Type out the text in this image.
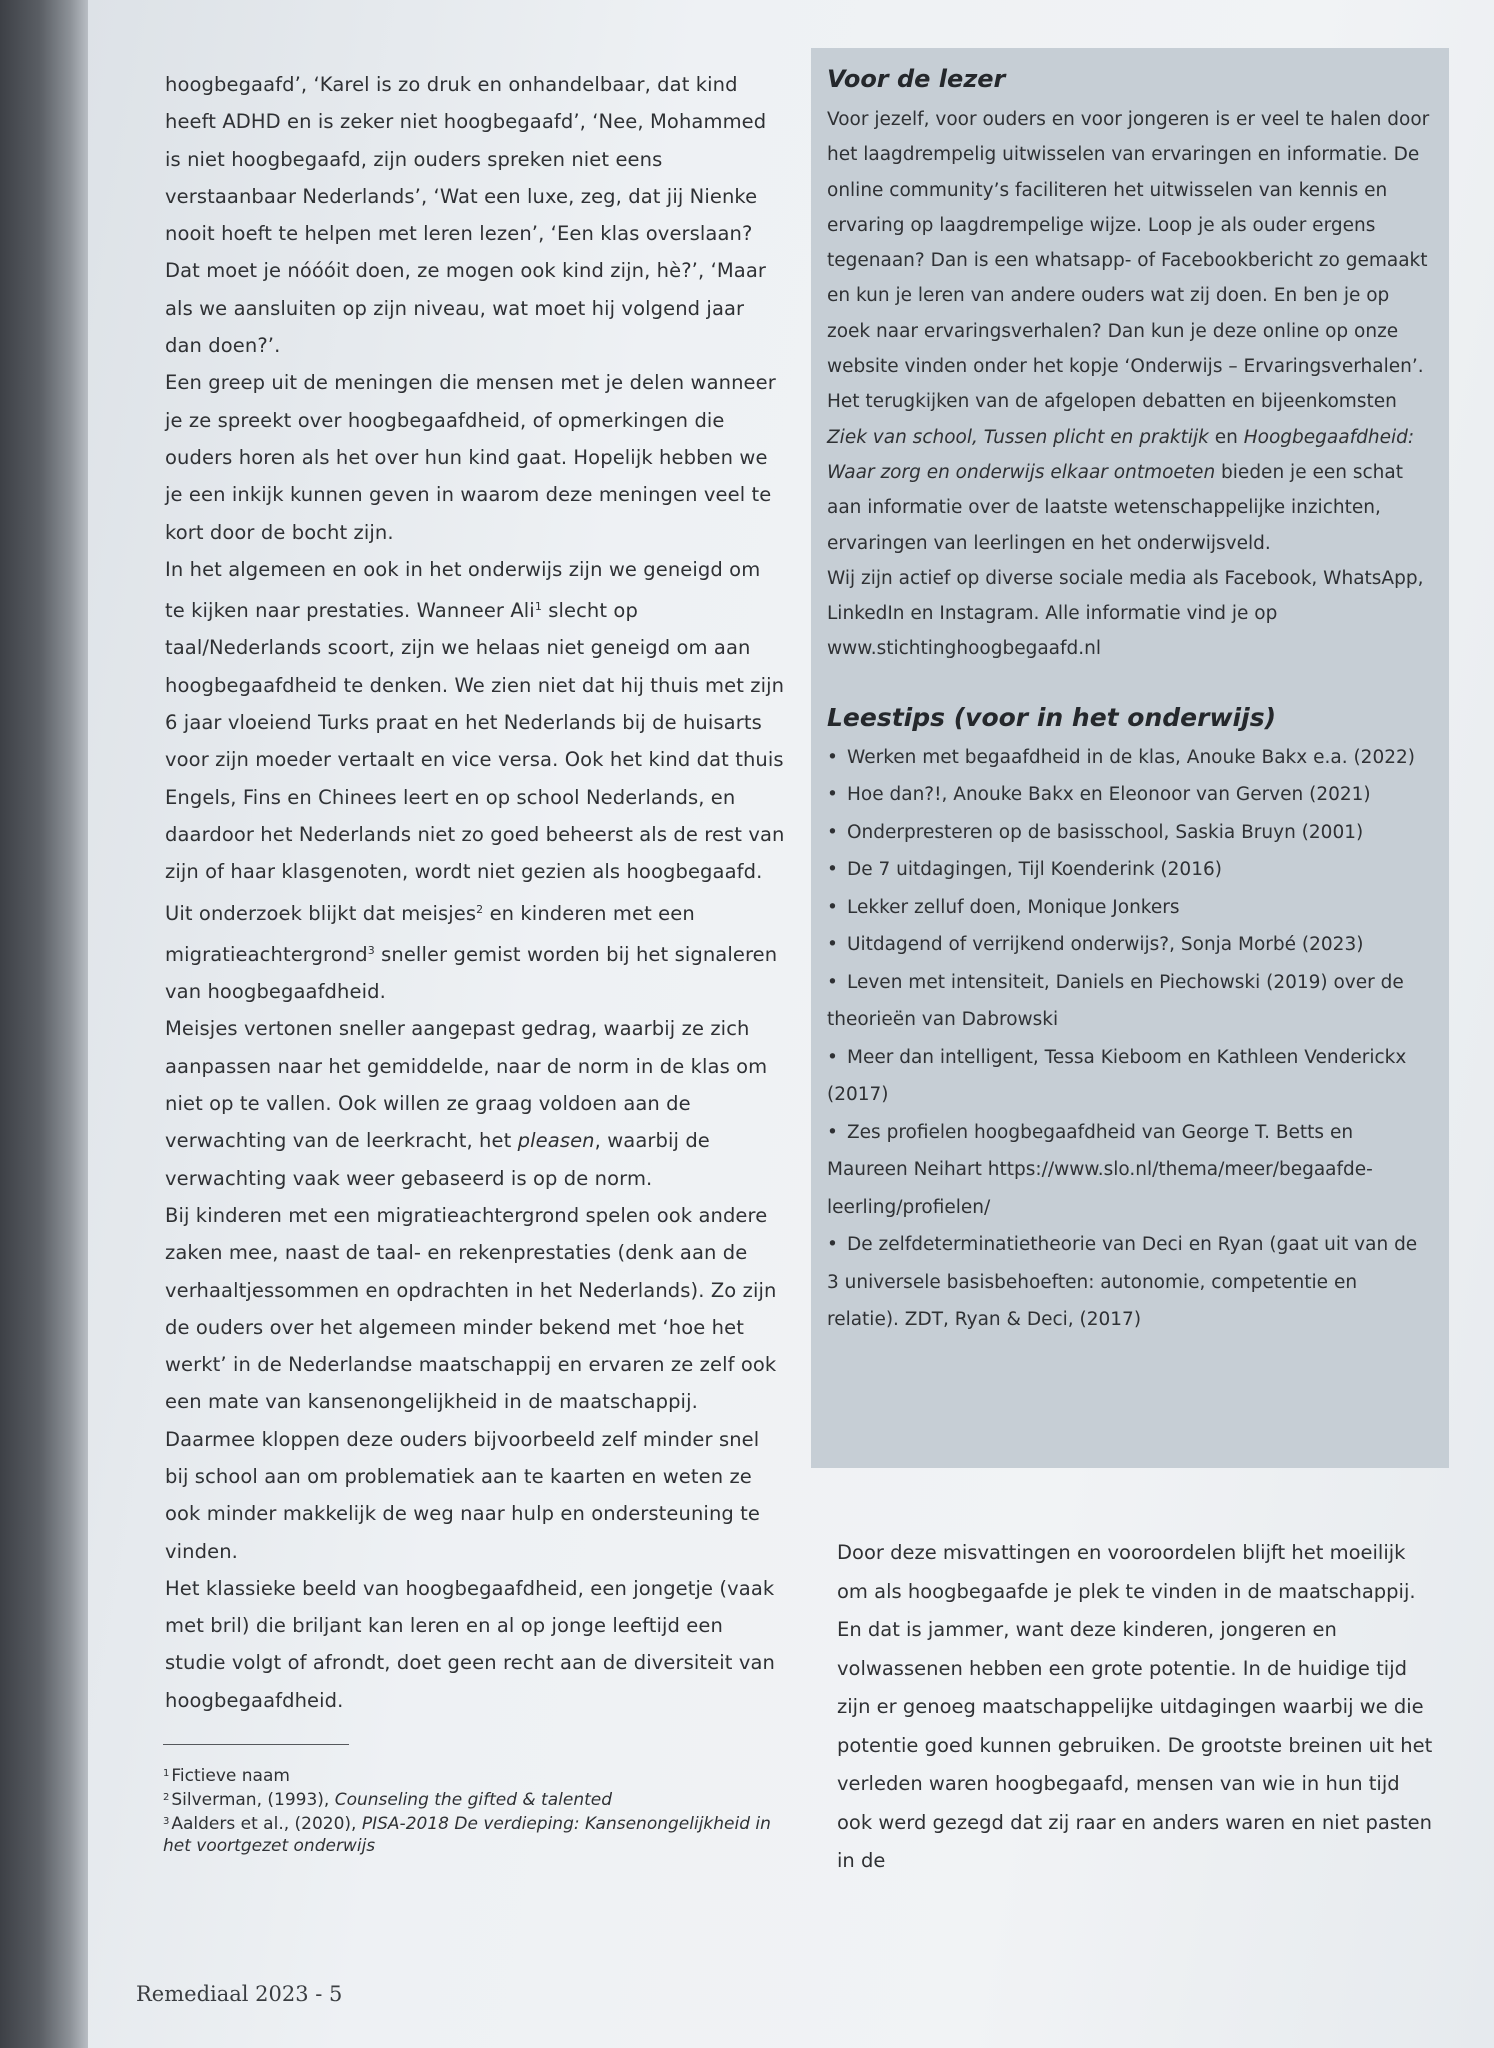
hoogbegaafd’, ‘Karel is zo druk en onhandelbaar, dat kind heeft ADHD en is zeker niet hoogbegaafd’, ‘Nee, Mohammed is niet hoogbegaafd, zijn ouders spreken niet eens verstaanbaar Nederlands’, ‘Wat een luxe, zeg, dat jij Nienke nooit hoeft te helpen met leren lezen’, ‘Een klas overslaan? Dat moet je nóóóit doen, ze mogen ook kind zijn, hè?’, ‘Maar als we aansluiten op zijn niveau, wat moet hij volgend jaar dan doen?’.

Een greep uit de meningen die mensen met je delen wanneer je ze spreekt over hoogbegaafdheid, of opmerkingen die ouders horen als het over hun kind gaat. Hopelijk hebben we je een inkijk kunnen geven in waarom deze meningen veel te kort door de bocht zijn.

In het algemeen en ook in het onderwijs zijn we geneigd om te kijken naar prestaties. Wanneer Ali$^1$ slecht op taal/Nederlands scoort, zijn we helaas niet geneigd om aan hoogbegaafdheid te denken. We zien niet dat hij thuis met zijn 6 jaar vloeiend Turks praat en het Nederlands bij de huisarts voor zijn moeder vertaalt en vice versa. Ook het kind dat thuis Engels, Fins en Chinees leert en op school Nederlands, en daardoor het Nederlands niet zo goed beheerst als de rest van zijn of haar klasgenoten, wordt niet gezien als hoogbegaafd.

Uit onderzoek blijkt dat meisjes$^2$ en kinderen met een migratieachtergrond$^3$ sneller gemist worden bij het signaleren van hoogbegaafdheid.

Meisjes vertonen sneller aangepast gedrag, waarbij ze zich aanpassen naar het gemiddelde, naar de norm in de klas om niet op te vallen. Ook willen ze graag voldoen aan de verwachting van de leerkracht, het pleasen, waarbij de verwachting vaak weer gebaseerd is op de norm.

Bij kinderen met een migratieachtergrond spelen ook andere zaken mee, naast de taal- en rekenprestaties (denk aan de verhaaltjessommen en opdrachten in het Nederlands). Zo zijn de ouders over het algemeen minder bekend met ‘hoe het werkt’ in de Nederlandse maatschappij en ervaren ze zelf ook een mate van kansenongelijkheid in de maatschappij. Daarmee kloppen deze ouders bijvoorbeeld zelf minder snel bij school aan om problematiek aan te kaarten en weten ze ook minder makkelijk de weg naar hulp en ondersteuning te vinden.

Het klassieke beeld van hoogbegaafdheid, een jongetje (vaak met bril) die briljant kan leren en al op jonge leeftijd een studie volgt of afrondt, doet geen recht aan de diversiteit van hoogbegaafdheid.

Voor de lezer

Voor jezelf, voor ouders en voor jongeren is er veel te halen door het laagdrempelig uitwisselen van ervaringen en informatie. De online community’s faciliteren het uitwisselen van kennis en ervaring op laagdrempelige wijze. Loop je als ouder ergens tegenaan? Dan is een whatsapp- of Facebookbericht zo gemaakt en kun je leren van andere ouders wat zij doen. En ben je op zoek naar ervaringsverhalen? Dan kun je deze online op onze website vinden onder het kopje ‘Onderwijs – Ervaringsverhalen’.

Het terugkijken van de afgelopen debatten en bijeenkomsten Ziek van school, Tussen plicht en praktijk en Hoogbegaafdheid: Waar zorg en onderwijs elkaar ontmoeten bieden je een schat aan informatie over de laatste wetenschappelijke inzichten, ervaringen van leerlingen en het onderwijsveld.

Wij zijn actief op diverse sociale media als Facebook, WhatsApp, LinkedIn en Instagram. Alle informatie vind je op www.stichtinghoogbegaafd.nl

Leestips (voor in het onderwijs)
• Werken met begaafdheid in de klas, Anouke Bakx e.a. (2022)
• Hoe dan?!, Anouke Bakx en Eleonoor van Gerven (2021)
• Onderpresteren op de basisschool, Saskia Bruyn (2001)
• De 7 uitdagingen, Tijl Koenderink (2016)
• Lekker zelluf doen, Monique Jonkers
• Uitdagend of verrijkend onderwijs?, Sonja Morbé (2023)
• Leven met intensiteit, Daniels en Piechowski (2019) over de theorieën van Dabrowski
• Meer dan intelligent, Tessa Kieboom en Kathleen Venderickx (2017)
• Zes profielen hoogbegaafdheid van George T. Betts en Maureen Neihart https://www.slo.nl/thema/meer/begaafde-leerling/profielen/
• De zelfdeterminatietheorie van Deci en Ryan (gaat uit van de 3 universele basisbehoeften: autonomie, competentie en relatie). ZDT, Ryan & Deci, (2017)

Door deze misvattingen en vooroordelen blijft het moeilijk om als hoogbegaafde je plek te vinden in de maatschappij. En dat is jammer, want deze kinderen, jongeren en volwassenen hebben een grote potentie. In de huidige tijd zijn er genoeg maatschappelijke uitdagingen waarbij we die potentie goed kunnen gebruiken. De grootste breinen uit het verleden waren hoogbegaafd, mensen van wie in hun tijd ook werd gezegd dat zij raar en anders waren en niet pasten in de

$^1$ Fictieve naam
$^2$ Silverman, (1993), Counseling the gifted & talented
$^3$ Aalders et al., (2020), PISA-2018 De verdieping: Kansenongelijkheid in het voortgezet onderwijs
Remediaal 2023 - 5
